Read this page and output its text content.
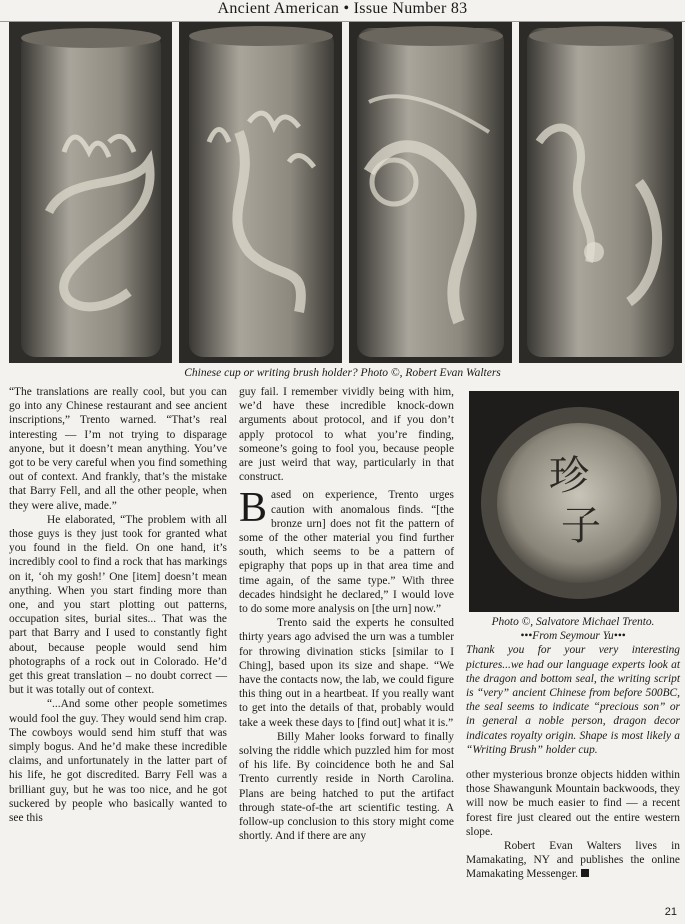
Ancient American • Issue Number 83
Chinese cup or writing brush holder? Photo ©, Robert Evan Walters

“The translations are really cool, but you can go into any Chinese restaurant and see ancient inscriptions,” Trento warned. “That’s real interesting — I’m not trying to disparage anyone, but it doesn’t mean anything. You’ve got to be very careful when you find something out of context. And frankly, that’s the mistake that Barry Fell, and all the other people, when they were alive, made.”

He elaborated, “The problem with all those guys is they just took for granted what you found in the field. On one hand, it’s incredibly cool to find a rock that has markings on it, ‘oh my gosh!’ One [item] doesn’t mean anything. When you start finding more than one, and you start plotting out patterns, occupation sites, burial sites... That was the part that Barry and I used to constantly fight about, because people would send him photographs of a rock out in Colorado. He’d get this great translation – no doubt correct — but it was totally out of context.

“...And some other people sometimes would fool the guy. They would send him crap. The cowboys would send him stuff that was simply bogus. And he’d make these incredible claims, and unfortunately in the latter part of his life, he got discredited. Barry Fell was a brilliant guy, but he was too nice, and he got suckered by people who basically wanted to see this

guy fail. I remember vividly being with him, we’d have these incredible knock-down arguments about protocol, and if you don’t apply protocol to what you’re finding, someone’s going to fool you, because people are just weird that way, particularly in that construct.

Based on experience, Trento urges caution with anomalous finds. “[the bronze urn] does not fit the pattern of some of the other material you find further south, which seems to be a pattern of epigraphy that pops up in that area time and time again, of the same type.” With three decades hindsight he declared,” I would love to do some more analysis on [the urn] now.”

Trento said the experts he consulted thirty years ago advised the urn was a tumbler for throwing divination sticks [similar to I Ching], based upon its size and shape. “We have the contacts now, the lab, we could figure this thing out in a heartbeat. If you really want to get into the details of that, probably would take a week these days to [find out] what it is.”

Billy Maher looks forward to finally solving the riddle which puzzled him for most of his life. By coincidence both he and Sal Trento currently reside in North Carolina. Plans are being hatched to put the artifact through state-of-the art scientific testing. A follow-up conclusion to this story might come shortly. And if there are any

珍
子
Photo ©, Salvatore Michael Trento.
•••From Seymour Yu•••
Thank you for your very interesting pictures...we had our language experts look at the dragon and bottom seal, the writing script is “very” ancient Chinese from before 500BC, the seal seems to indicate “precious son” or in general a noble person, dragon decor indicates royalty origin. Shape is most likely a “Writing Brush” holder cup.

other mysterious bronze objects hidden within those Shawangunk Mountain backwoods, they will now be much easier to find — a recent forest fire just cleared out the entire western slope.

Robert Evan Walters lives in Mamakating, NY and publishes the online Mamakating Messenger.

21
